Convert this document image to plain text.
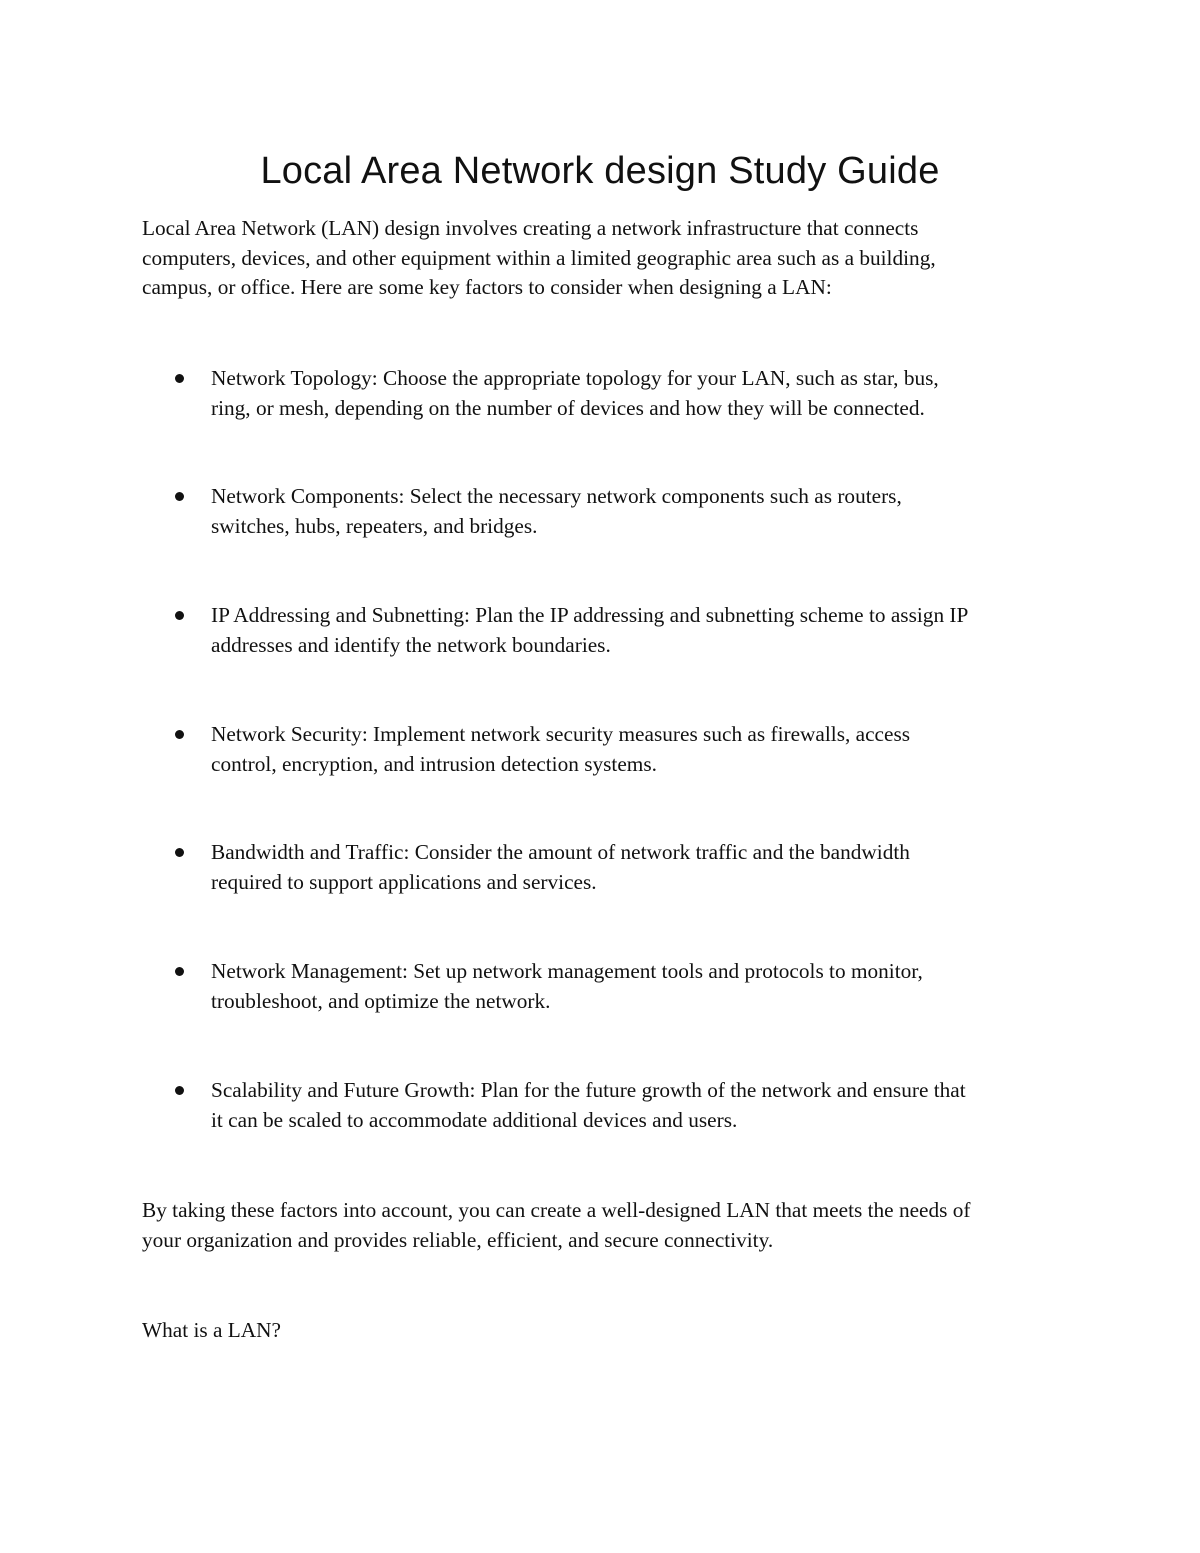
Local Area Network design Study Guide

Local Area Network (LAN) design involves creating a network infrastructure that connects
computers, devices, and other equipment within a limited geographic area such as a building,
campus, or office. Here are some key factors to consider when designing a LAN:

Network Topology: Choose the appropriate topology for your LAN, such as star, bus,
ring, or mesh, depending on the number of devices and how they will be connected.

Network Components: Select the necessary network components such as routers,
switches, hubs, repeaters, and bridges.

IP Addressing and Subnetting: Plan the IP addressing and subnetting scheme to assign IP
addresses and identify the network boundaries.

Network Security: Implement network security measures such as firewalls, access
control, encryption, and intrusion detection systems.

Bandwidth and Traffic: Consider the amount of network traffic and the bandwidth
required to support applications and services.

Network Management: Set up network management tools and protocols to monitor,
troubleshoot, and optimize the network.

Scalability and Future Growth: Plan for the future growth of the network and ensure that
it can be scaled to accommodate additional devices and users.

By taking these factors into account, you can create a well-designed LAN that meets the needs of
your organization and provides reliable, efficient, and secure connectivity.

What is a LAN?
